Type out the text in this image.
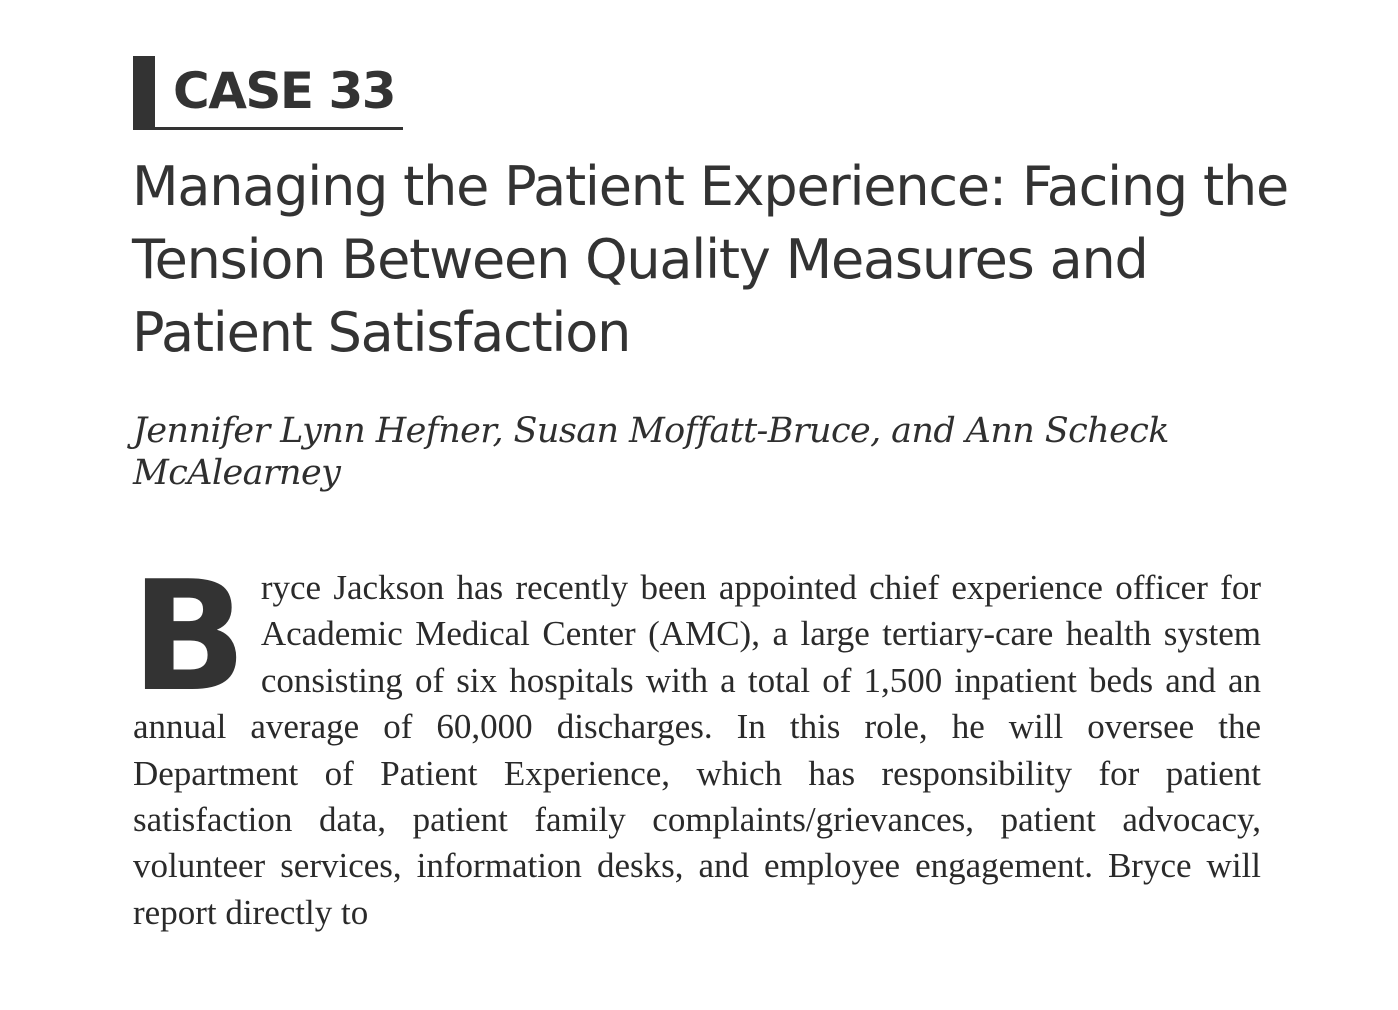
CASE 33
Managing the Patient Experience: Facing the Tension Between Quality Measures and Patient Satisfaction

Jennifer Lynn Hefner, Susan Moffatt-Bruce, and Ann Scheck McAlearney

Bryce Jackson has recently been appointed chief experience officer for Academic Medical Center (AMC), a large tertiary-care health system consisting of six hospitals with a total of 1,500 inpatient beds and an annual average of 60,000 discharges. In this role, he will oversee the Department of Patient Experience, which has responsibility for patient satisfaction data, patient family complaints/grievances, patient advocacy, volunteer services, information desks, and employee engagement. Bryce will report directly to
